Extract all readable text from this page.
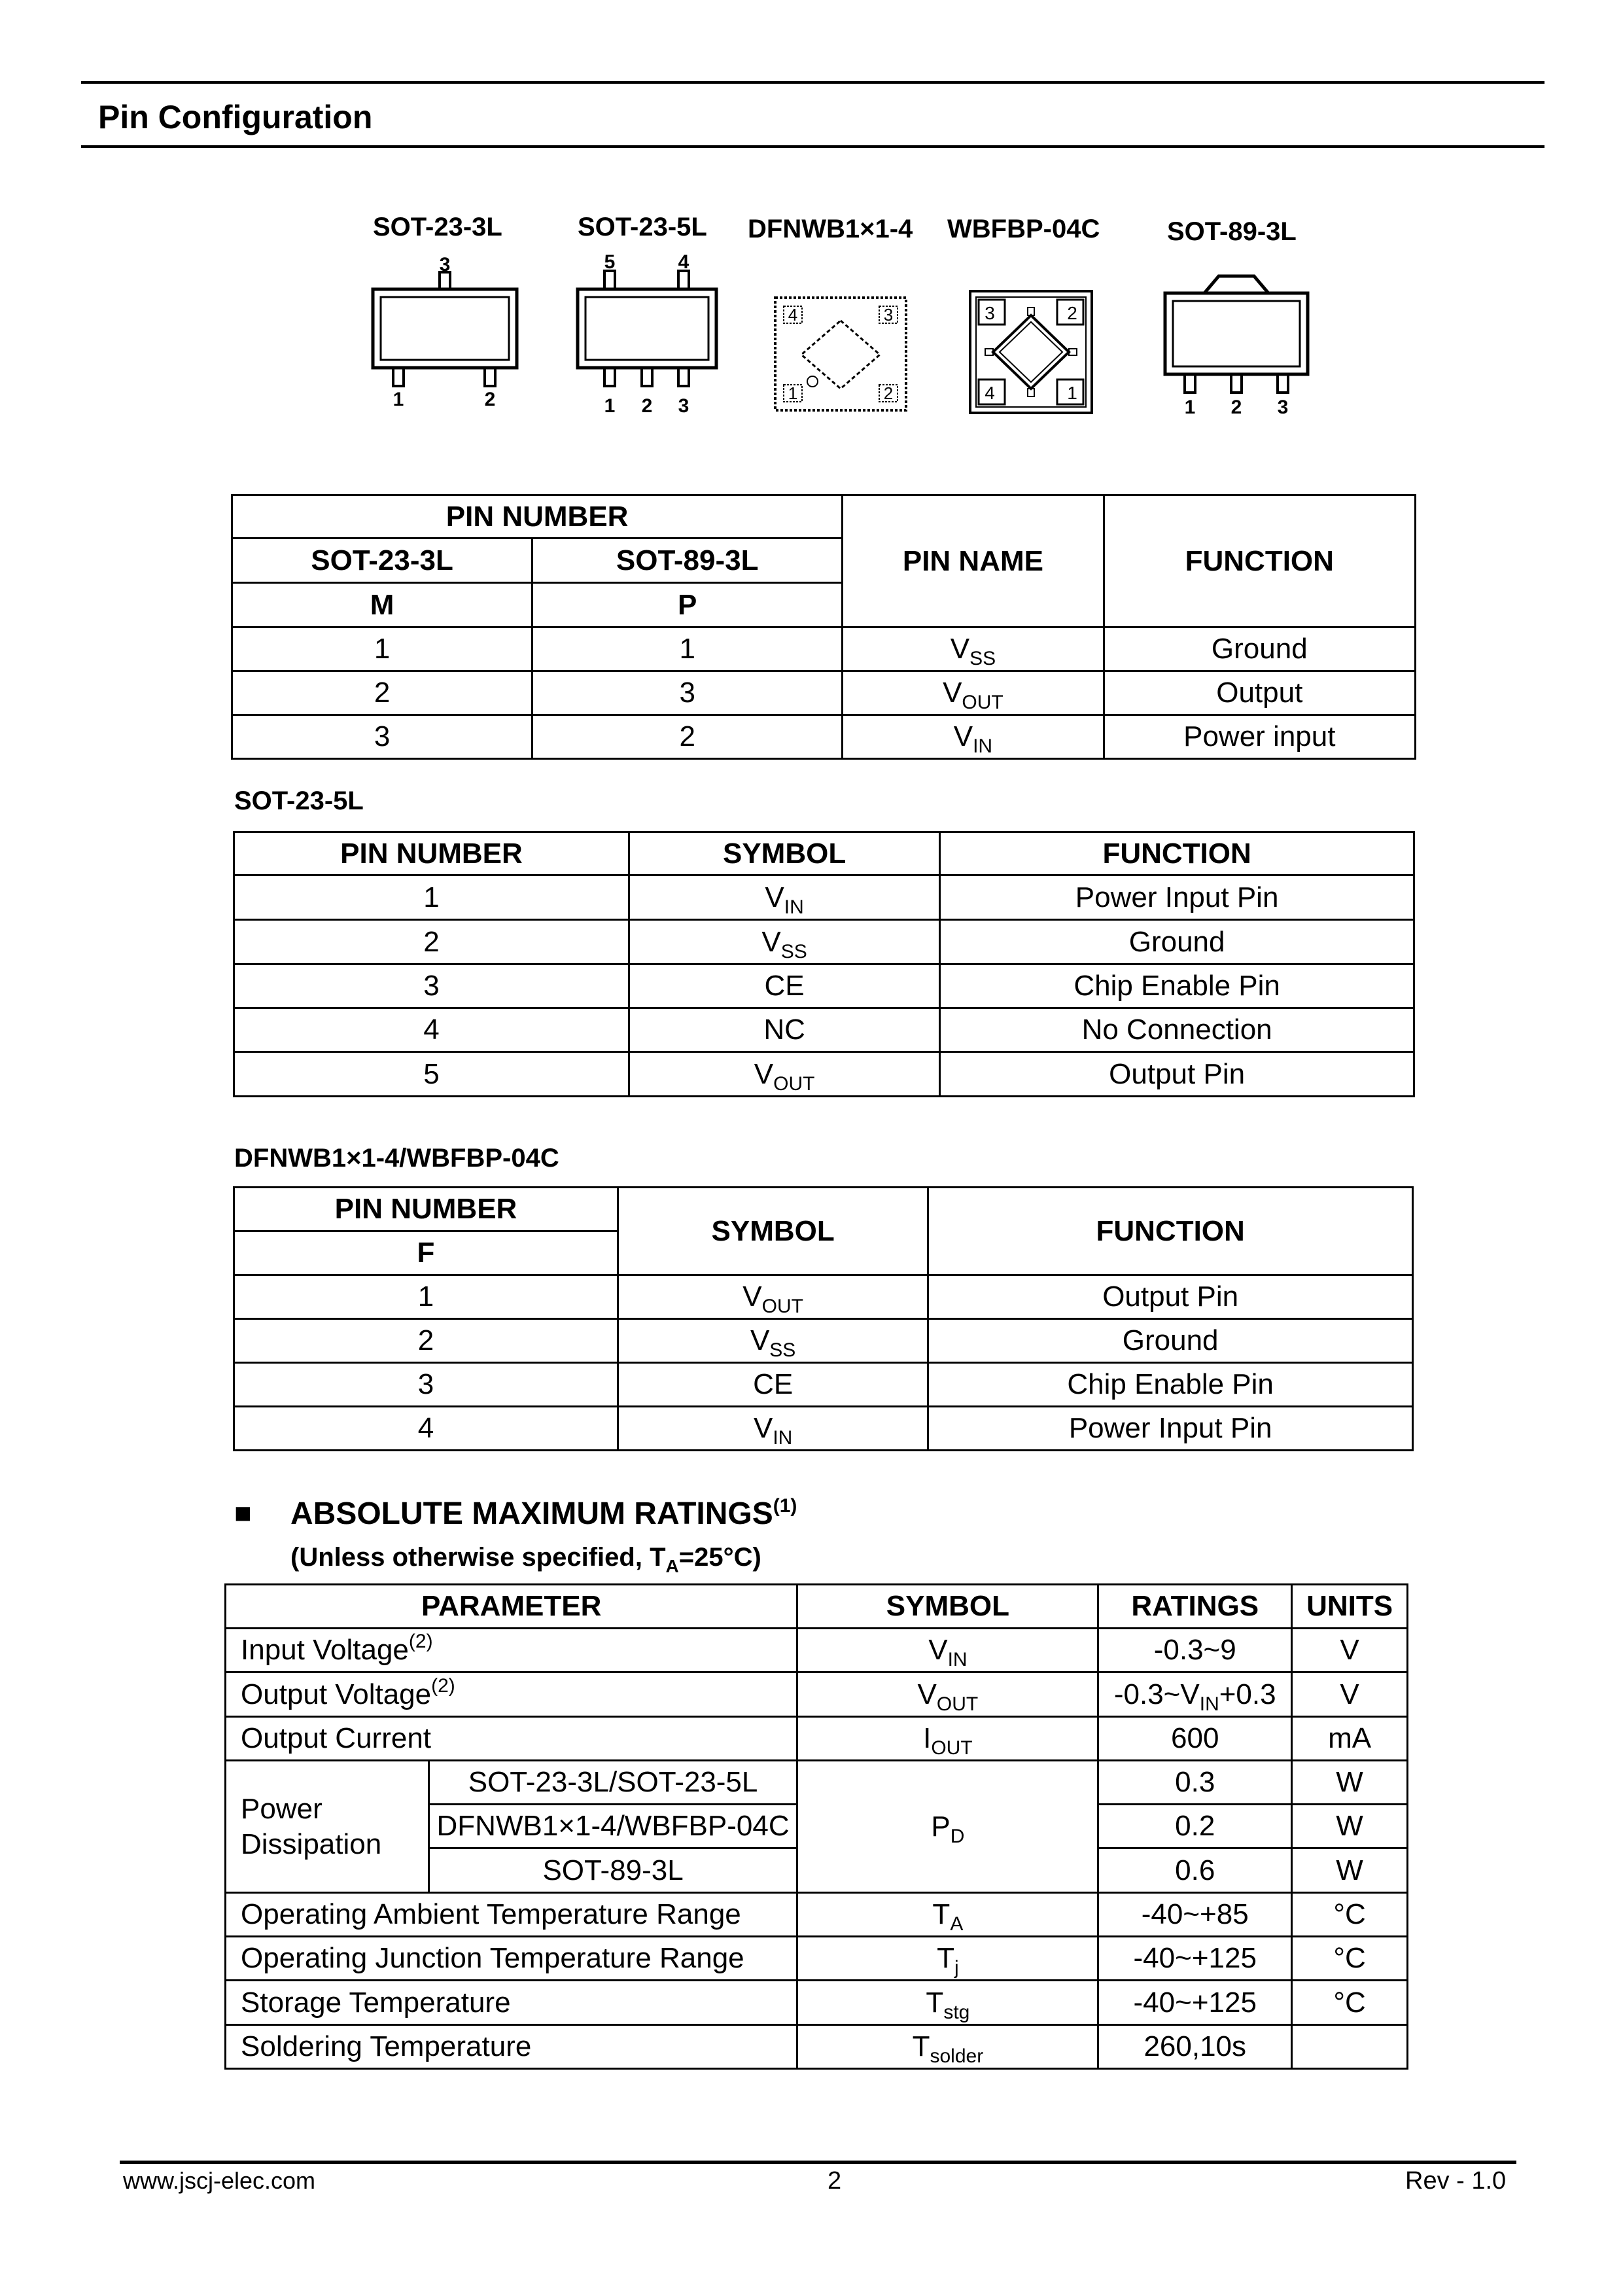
Pin Configuration
SOT-23-3L	SOT-23-5L DFNWB1×1-4 WBFBP-04C	SOT-89-3L
3
1	2
5	4
1 2 3
4	3
1	2
3	2
4	1
1 2 3
PIN NUMBER		PIN NAME	FUNCTION
SOT-23-3L	SOT-89-3L		
M	P		
1	1	$V_{SS}$	Ground
2	3	$V_{OUT}$	Output
3	2	$V_{IN}$	Power input
SOT-23-5L
PIN NUMBER	SYMBOL	FUNCTION
1	$V_{IN}$	Power Input Pin
2	$V_{SS}$	Ground
3	CE	Chip Enable Pin
4	NC	No Connection
5	$V_{OUT}$	Output Pin
DFNWB1×1-4/WBFBP-04C
PIN NUMBER	SYMBOL	FUNCTION
F		
1	$V_{OUT}$	Output Pin
2	$V_{SS}$	Ground
3	CE	Chip Enable Pin
4	$V_{IN}$	Power Input Pin
■ ABSOLUTE MAXIMUM RATINGS$^{(1)}$
(Unless otherwise specified, $T_A=25^\circ C$)
PARAMETER		SYMBOL	RATINGS	UNITS
Input Voltage$^{(2)}$		$V_{IN}$	-0.3~9	V
Output Voltage$^{(2)}$		$V_{OUT}$	$-0.3\sim V_{IN}+0.3$	V
Output Current		$I_{OUT}$	600	mA
Power
Dissipation	SOT-23-3L/SOT-23-5L	$P_D$	0.3	W
	DFNWB1×1-4/WBFBP-04C		0.2	W
	SOT-89-3L		0.6	W
Operating Ambient Temperature Range		$T_A$	-40~+85	°C
Operating Junction Temperature Range		$T_j$	-40~+125	°C
Storage Temperature		$T_{stg}$	-40~+125	°C
Soldering Temperature		$T_{solder}$	260,10s	
www.jscj-elec.com	2	Rev - 1.0
